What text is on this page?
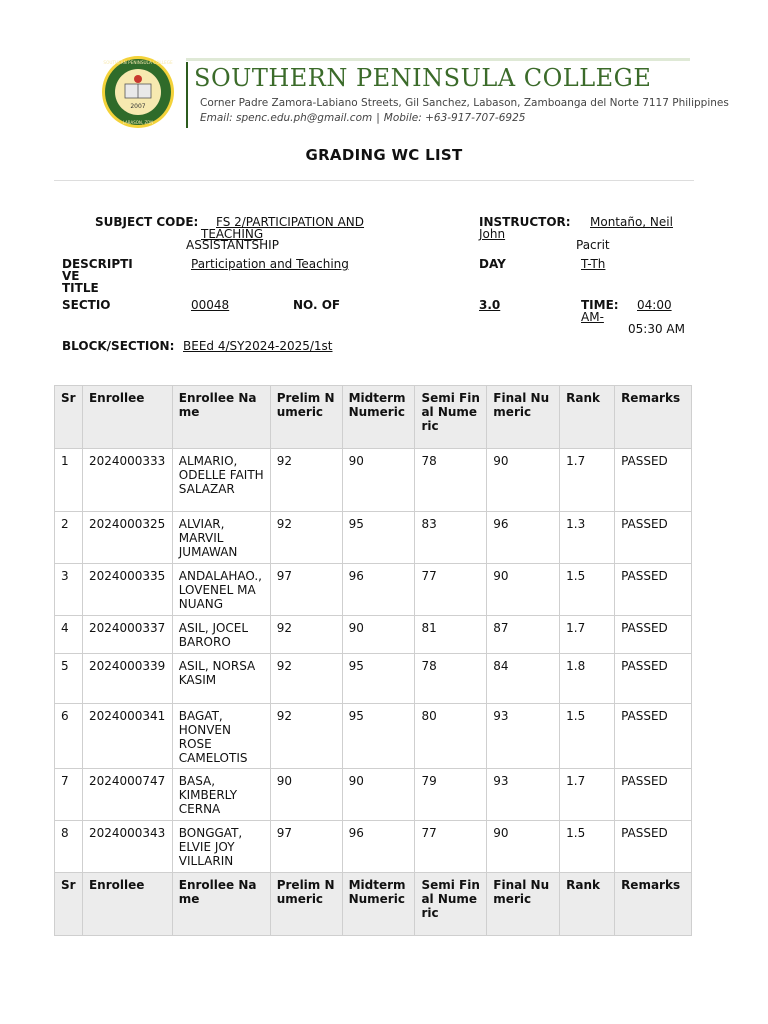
2007
SOUTHERN PENINSULA COLLEGE
LABASON, ZDN
SOUTHERN PENINSULA COLLEGE
Corner Padre Zamora-Labiano Streets, Gil Sanchez, Labason, Zamboanga del Norte 7117 Philippines
Email: spenc.edu.ph@gmail.com | Mobile: +63-917-707-6925
GRADING WC LIST
SUBJECT CODE: FS 2/PARTICIPATION AND
TEACHING
ASSISTANTSHIP
INSTRUCTOR: Montaño, Neil
John
Pacrit
DESCRIPTI
VE
TITLE
Participation and Teaching	DAY	T-Th
SECTIO	00048	NO. OF	3.0	TIME: 04:00
AM-
05:30 AM
BLOCK/SECTION: BEEd 4/SY2024-2025/1st
Sr	Enrollee	Enrollee Name	Prelim Numeric	Midterm Numeric	Semi Final Numeric	Final Numeric	Rank	Remarks
1	2024000333	ALMARIO, ODELLE FAITH SALAZAR	92	90	78	90	1.7	PASSED
2	2024000325	ALVIAR, MARVIL JUMAWAN	92	95	83	96	1.3	PASSED
3	2024000335	ANDALAHAO., LOVENEL MANUANG	97	96	77	90	1.5	PASSED
4	2024000337	ASIL, JOCEL BARORO	92	90	81	87	1.7	PASSED
5	2024000339	ASIL, NORSA KASIM	92	95	78	84	1.8	PASSED
6	2024000341	BAGAT, HONVEN ROSE CAMELOTIS	92	95	80	93	1.5	PASSED
7	2024000747	BASA, KIMBERLY CERNA	90	90	79	93	1.7	PASSED
8	2024000343	BONGGAT, ELVIE JOY VILLARIN	97	96	77	90	1.5	PASSED
Sr	Enrollee	Enrollee Name	Prelim Numeric	Midterm Numeric	Semi Final Numeric	Final Numeric	Rank	Remarks
